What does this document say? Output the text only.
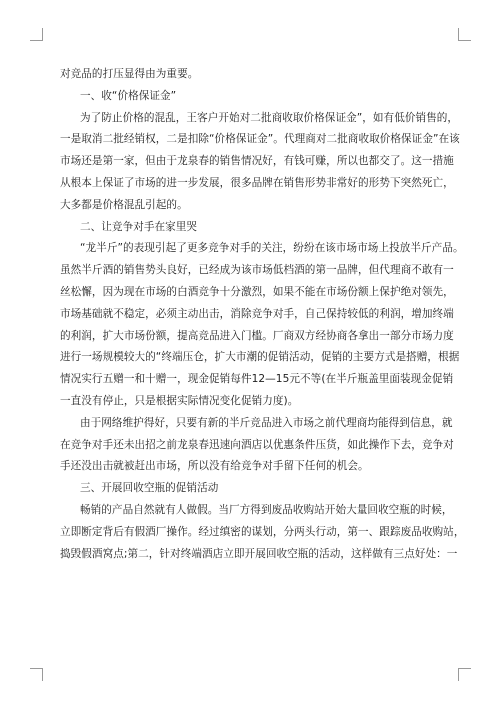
对竞品的打压显得由为重要。
一、收“价格保证金”
为了防止价格的混乱，王客户开始对二批商收取价格保证金”，如有低价销售的，
一是取消二批经销权，二是扣除“价格保证金”。代理商对二批商收取价格保证金”在该
市场还是第一家，但由于龙泉春的销售情况好，有钱可赚，所以也都交了。这一措施
从根本上保证了市场的进一步发展，很多品牌在销售形势非常好的形势下突然死亡，
大多都是价格混乱引起的。
二、让竞争对手在家里哭
“龙半斤”的表现引起了更多竞争对手的关注，纷纷在该市场市场上投放半斤产品。
虽然半斤酒的销售势头良好，已经成为该市场低档酒的第一品牌，但代理商不敢有一
丝松懈，因为现在市场的白酒竞争十分激烈，如果不能在市场份额上保护绝对领先，
市场基础就不稳定，必须主动出击，消除竞争对手，自己保持较低的利润，增加终端
的利润，扩大市场份额，提高竞品进入门槛。厂商双方经协商各拿出一部分市场力度
进行一场规模较大的“终端压仓，扩大市潮的促销活动，促销的主要方式是搭赠，根据
情况实行五赠一和十赠一，现金促销每件12—15元不等(在半斤瓶盖里面装现金促销
一直没有停止，只是根据实际情况变化促销力度)。
由于网络维护得好，只要有新的半斤竞品进入市场之前代理商均能得到信息，就
在竞争对手还未出招之前龙泉春迅速向酒店以优惠条件压货，如此操作下去，竞争对
手还没出击就被赶出市场，所以没有给竞争对手留下任何的机会。
三、开展回收空瓶的促销活动
畅销的产品自然就有人做假。当厂方得到废品收购站开始大量回收空瓶的时候，
立即断定背后有假酒厂操作。经过缜密的谋划，分两头行动，第一、跟踪废品收购站，
捣毁假酒窝点;第二，针对终端酒店立即开展回收空瓶的活动，这样做有三点好处：一
